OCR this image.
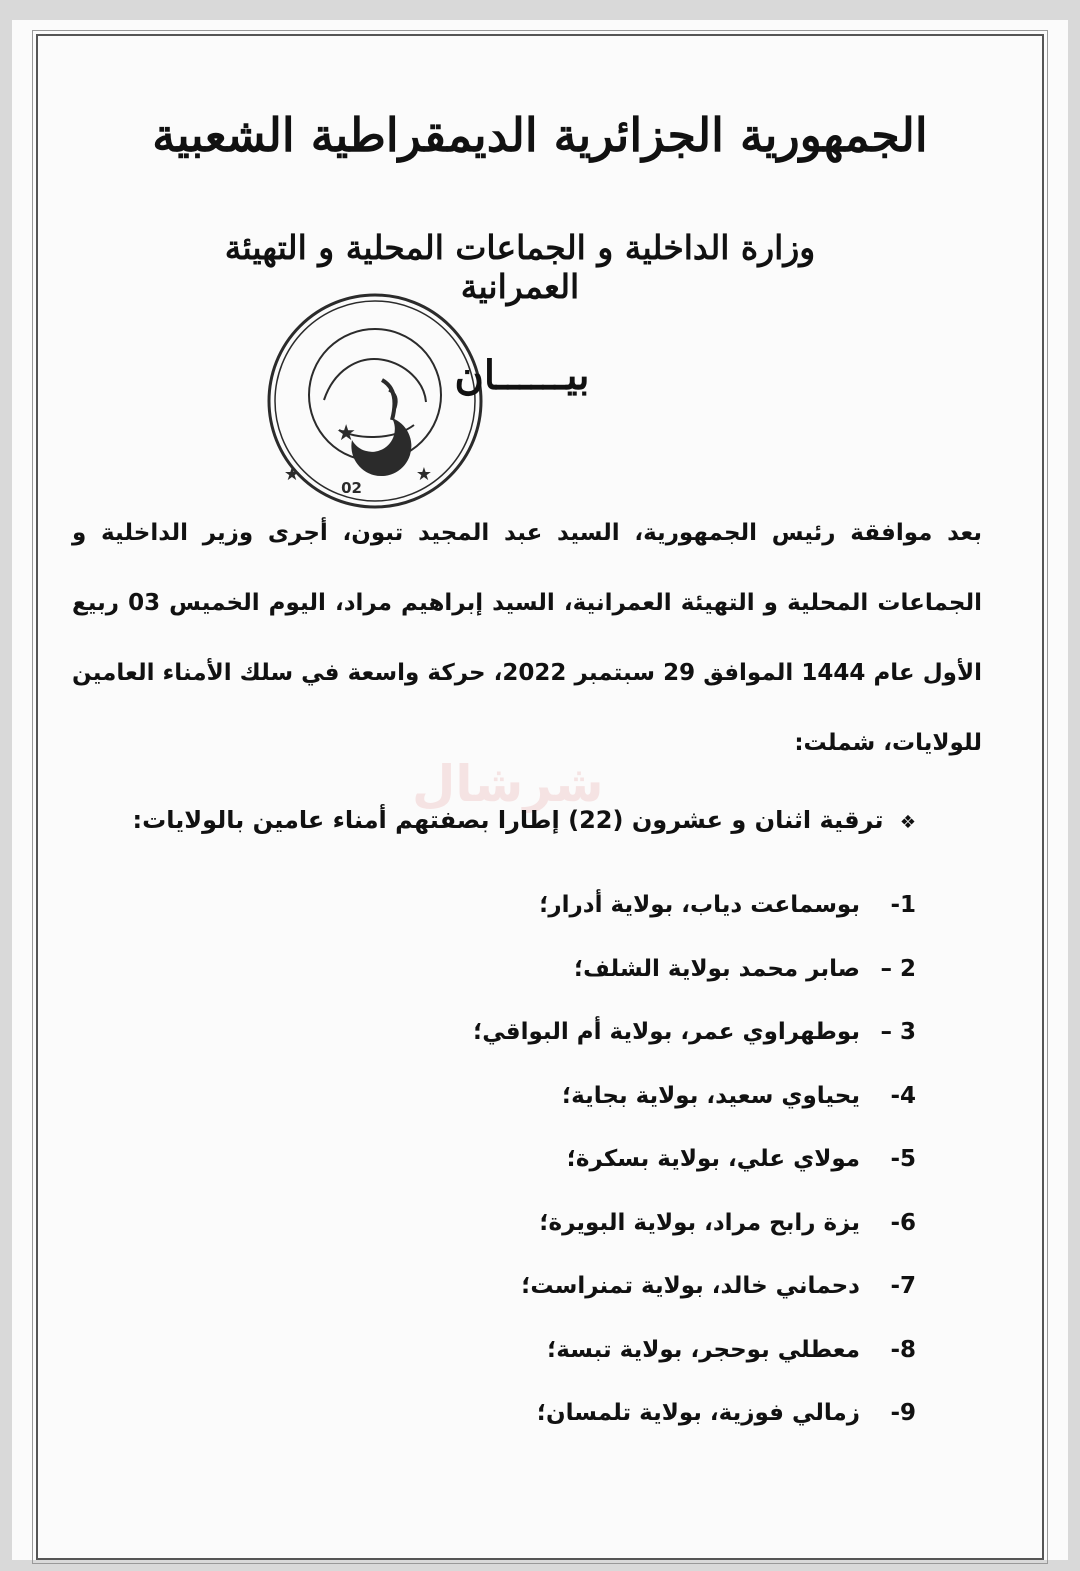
الجمهورية الجزائرية الديمقراطية الشعبية
وزارة الداخلية و الجماعات المحلية و التهيئة العمرانية
★
★	★
02
بيــــــان
شرشال
بعد موافقة رئيس الجمهورية، السيد عبد المجيد تبون، أجرى وزير الداخلية و الجماعات المحلية و التهيئة العمرانية، السيد إبراهيم مراد، اليوم الخميس 03 ربيع الأول عام 1444 الموافق 29 سبتمبر 2022، حركة واسعة في سلك الأمناء العامين للولايات، شملت:
❖ ترقية اثنان و عشرون (22) إطارا بصفتهم أمناء عامين بالولايات:
1-بوسماعت دياب، بولاية أدرار؛
2 –صابر محمد بولاية الشلف؛
3 –بوطهراوي عمر، بولاية أم البواقي؛
4-يحياوي سعيد، بولاية بجاية؛
5-مولاي علي، بولاية بسكرة؛
6-يزة رابح مراد، بولاية البويرة؛
7-دحماني خالد، بولاية تمنراست؛
8-معطلي بوحجر، بولاية تبسة؛
9-زمالي فوزية، بولاية تلمسان؛
